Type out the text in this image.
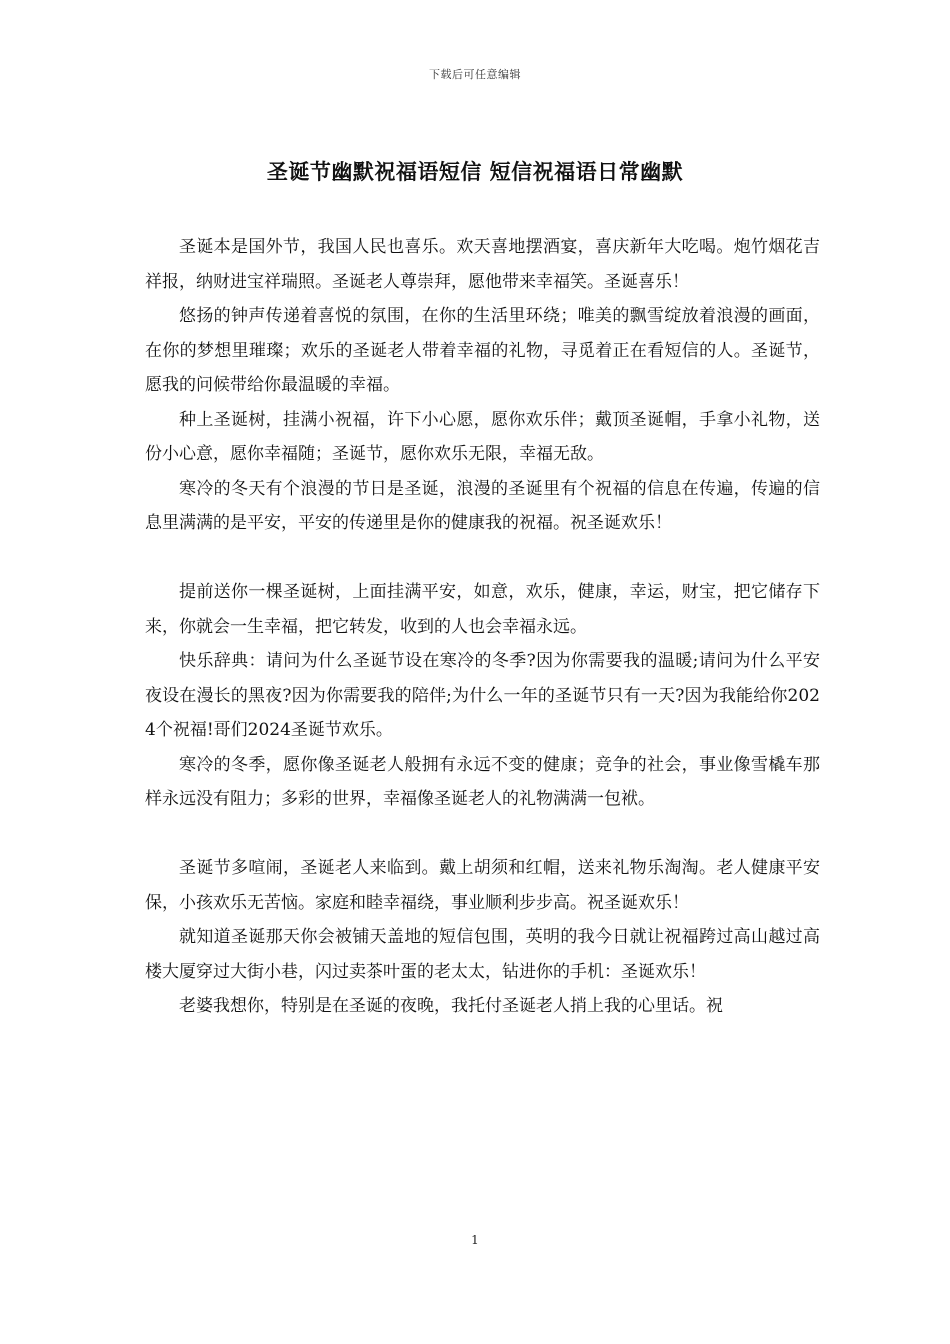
下载后可任意编辑
圣诞节幽默祝福语短信 短信祝福语日常幽默

圣诞本是国外节，我国人民也喜乐。欢天喜地摆酒宴，喜庆新年大吃喝。炮竹烟花吉祥报，纳财进宝祥瑞照。圣诞老人尊崇拜，愿他带来幸福笑。圣诞喜乐！

悠扬的钟声传递着喜悦的氛围，在你的生活里环绕；唯美的飘雪绽放着浪漫的画面，在你的梦想里璀璨；欢乐的圣诞老人带着幸福的礼物，寻觅着正在看短信的人。圣诞节，愿我的问候带给你最温暖的幸福。

种上圣诞树，挂满小祝福，许下小心愿，愿你欢乐伴；戴顶圣诞帽，手拿小礼物，送份小心意，愿你幸福随；圣诞节，愿你欢乐无限，幸福无敌。

寒冷的冬天有个浪漫的节日是圣诞，浪漫的圣诞里有个祝福的信息在传遍，传遍的信息里满满的是平安，平安的传递里是你的健康我的祝福。祝圣诞欢乐！

提前送你一棵圣诞树，上面挂满平安，如意，欢乐，健康，幸运，财宝，把它储存下来，你就会一生幸福，把它转发，收到的人也会幸福永远。

快乐辞典：请问为什么圣诞节设在寒冷的冬季?因为你需要我的温暖;请问为什么平安夜设在漫长的黑夜?因为你需要我的陪伴;为什么一年的圣诞节只有一天?因为我能给你2024个祝福!哥们2024圣诞节欢乐。

寒冷的冬季，愿你像圣诞老人般拥有永远不变的健康；竞争的社会，事业像雪橇车那样永远没有阻力；多彩的世界，幸福像圣诞老人的礼物满满一包袱。

圣诞节多喧闹，圣诞老人来临到。戴上胡须和红帽，送来礼物乐淘淘。老人健康平安保，小孩欢乐无苦恼。家庭和睦幸福绕，事业顺利步步高。祝圣诞欢乐！

就知道圣诞那天你会被铺天盖地的短信包围，英明的我今日就让祝福跨过高山越过高楼大厦穿过大街小巷，闪过卖茶叶蛋的老太太，钻进你的手机：圣诞欢乐！

老婆我想你，特别是在圣诞的夜晚，我托付圣诞老人捎上我的心里话。祝

1
